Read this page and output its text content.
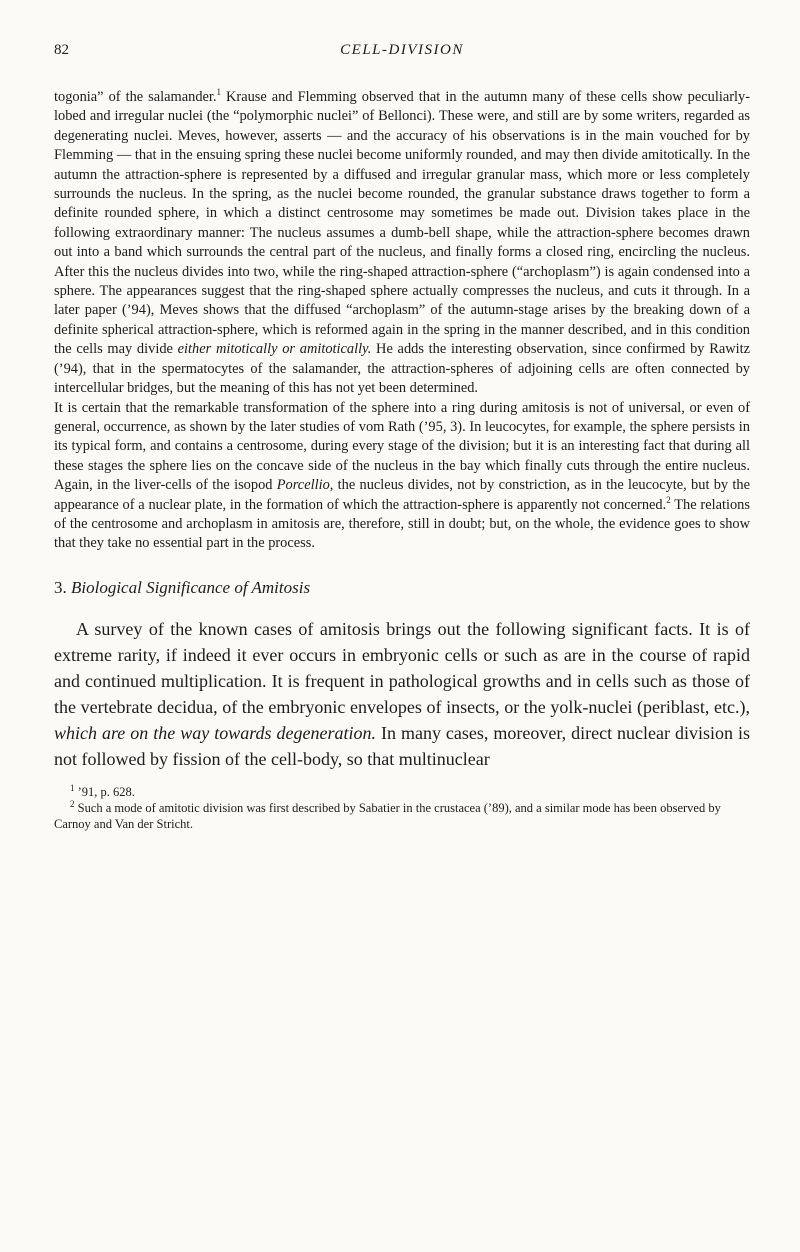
82	CELL-DIVISION

togonia” of the salamander.$^1$ Krause and Flemming observed that in the autumn many of these cells show peculiarly-lobed and irregular nuclei (the “polymorphic nuclei” of Bellonci). These were, and still are by some writers, regarded as degenerating nuclei. Meves, however, asserts — and the accuracy of his observations is in the main vouched for by Flemming — that in the ensuing spring these nuclei become uniformly rounded, and may then divide amitotically. In the autumn the attraction-sphere is represented by a diffused and irregular granular mass, which more or less completely surrounds the nucleus. In the spring, as the nuclei become rounded, the granular substance draws together to form a definite rounded sphere, in which a distinct centrosome may sometimes be made out. Division takes place in the following extraordinary manner: The nucleus assumes a dumb-bell shape, while the attraction-sphere becomes drawn out into a band which surrounds the central part of the nucleus, and finally forms a closed ring, encircling the nucleus. After this the nucleus divides into two, while the ring-shaped attraction-sphere (“archoplasm”) is again condensed into a sphere. The appearances suggest that the ring-shaped sphere actually compresses the nucleus, and cuts it through. In a later paper (’94), Meves shows that the diffused “archoplasm” of the autumn-stage arises by the breaking down of a definite spherical attraction-sphere, which is reformed again in the spring in the manner described, and in this condition the cells may divide either mitotically or amitotically. He adds the interesting observation, since confirmed by Rawitz (’94), that in the spermatocytes of the salamander, the attraction-spheres of adjoining cells are often connected by intercellular bridges, but the meaning of this has not yet been determined.

It is certain that the remarkable transformation of the sphere into a ring during amitosis is not of universal, or even of general, occurrence, as shown by the later studies of vom Rath (’95, 3). In leucocytes, for example, the sphere persists in its typical form, and contains a centrosome, during every stage of the division; but it is an interesting fact that during all these stages the sphere lies on the concave side of the nucleus in the bay which finally cuts through the entire nucleus. Again, in the liver-cells of the isopod Porcellio, the nucleus divides, not by constriction, as in the leucocyte, but by the appearance of a nuclear plate, in the formation of which the attraction-sphere is apparently not concerned.$^2$ The relations of the centrosome and archoplasm in amitosis are, therefore, still in doubt; but, on the whole, the evidence goes to show that they take no essential part in the process.

3. Biological Significance of Amitosis

A survey of the known cases of amitosis brings out the following significant facts. It is of extreme rarity, if indeed it ever occurs in embryonic cells or such as are in the course of rapid and continued multiplication. It is frequent in pathological growths and in cells such as those of the vertebrate decidua, of the embryonic envelopes of insects, or the yolk-nuclei (periblast, etc.), which are on the way towards degeneration. In many cases, moreover, direct nuclear division is not followed by fission of the cell-body, so that multinuclear

$^1$ ’91, p. 628.

$^2$ Such a mode of amitotic division was first described by Sabatier in the crustacea (’89), and a similar mode has been observed by Carnoy and Van der Stricht.
